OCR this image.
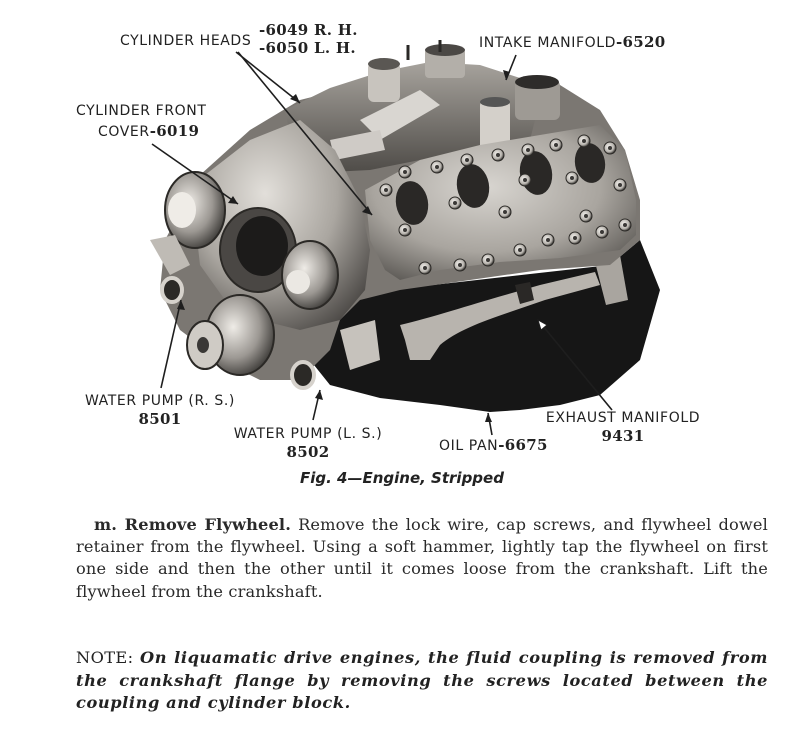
CYLINDER HEADS
-6049 R. H.
-6050 L. H.	INTAKE MANIFOLD-6520
CYLINDER FRONT
COVER-6019
WATER PUMP (R. S.)
8501
WATER PUMP (L. S.)
8502	OIL PAN-6675
EXHAUST MANIFOLD
9431
Fig. 4—Engine, Stripped

m. Remove Flywheel. Remove the lock wire, cap screws, and flywheel dowel retainer from the flywheel. Using a soft hammer, lightly tap the flywheel on first one side and then the other until it comes loose from the crankshaft. Lift the flywheel from the crankshaft.

NOTE: On liquamatic drive engines, the fluid coupling is removed from the crankshaft flange by removing the screws located between the coupling and cylinder block.
